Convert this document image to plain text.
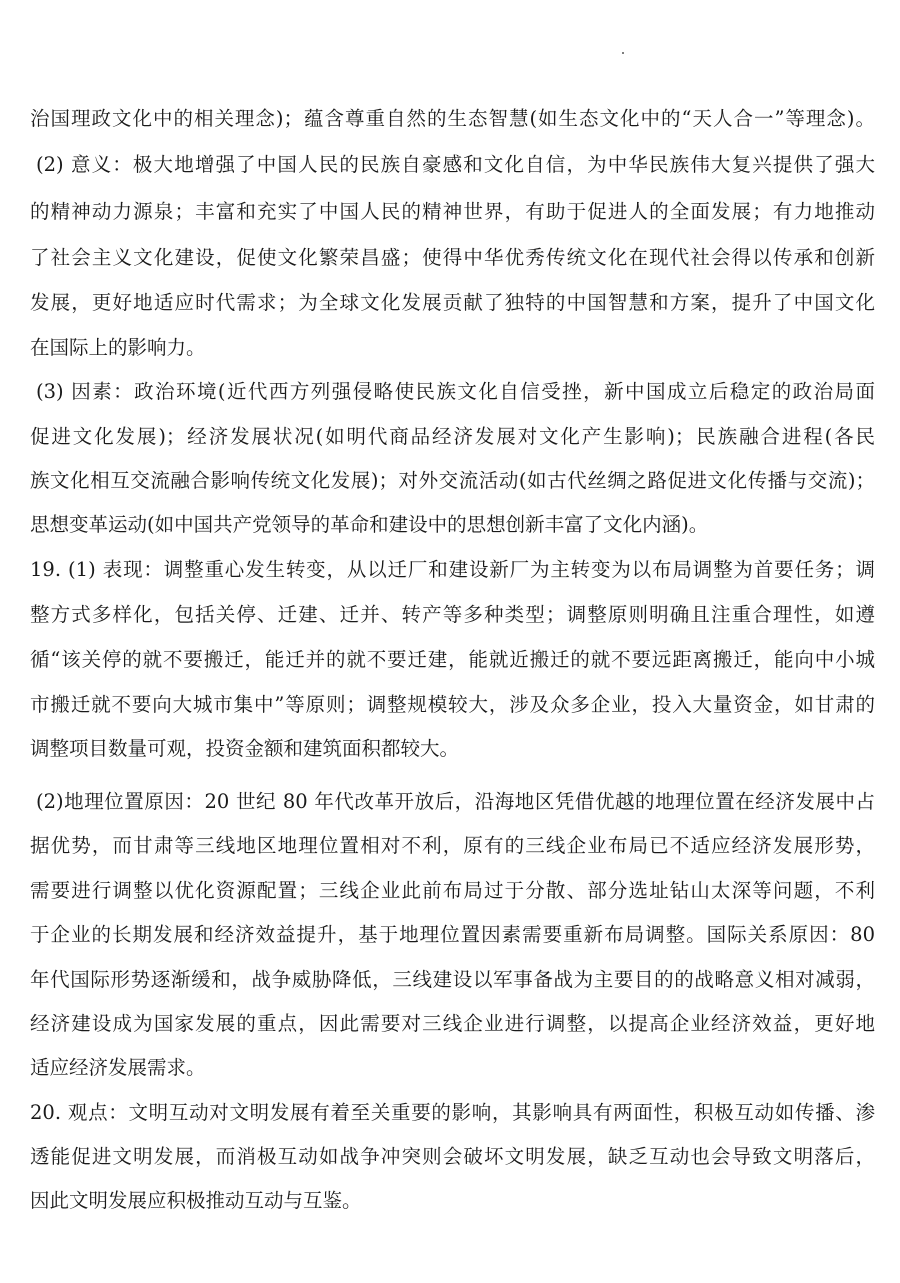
治国理政文化中的相关理念)；蕴含尊重自然的生态智慧(如生态文化中的“天人合一”等理念)。
(2) 意义：极大地增强了中国人民的民族自豪感和文化自信，为中华民族伟大复兴提供了强大
的精神动力源泉；丰富和充实了中国人民的精神世界，有助于促进人的全面发展；有力地推动
了社会主义文化建设，促使文化繁荣昌盛；使得中华优秀传统文化在现代社会得以传承和创新
发展，更好地适应时代需求；为全球文化发展贡献了独特的中国智慧和方案，提升了中国文化
在国际上的影响力。
(3) 因素：政治环境(近代西方列强侵略使民族文化自信受挫，新中国成立后稳定的政治局面
促进文化发展)；经济发展状况(如明代商品经济发展对文化产生影响)；民族融合进程(各民
族文化相互交流融合影响传统文化发展)；对外交流活动(如古代丝绸之路促进文化传播与交流)；
思想变革运动(如中国共产党领导的革命和建设中的思想创新丰富了文化内涵)。
19. (1) 表现：调整重心发生转变，从以迁厂和建设新厂为主转变为以布局调整为首要任务；调
整方式多样化，包括关停、迁建、迁并、转产等多种类型；调整原则明确且注重合理性，如遵
循“该关停的就不要搬迁，能迁并的就不要迁建，能就近搬迁的就不要远距离搬迁，能向中小城
市搬迁就不要向大城市集中”等原则；调整规模较大，涉及众多企业，投入大量资金，如甘肃的
调整项目数量可观，投资金额和建筑面积都较大。
(2)地理位置原因：20 世纪 80 年代改革开放后，沿海地区凭借优越的地理位置在经济发展中占
据优势，而甘肃等三线地区地理位置相对不利，原有的三线企业布局已不适应经济发展形势，
需要进行调整以优化资源配置；三线企业此前布局过于分散、部分选址钻山太深等问题，不利
于企业的长期发展和经济效益提升，基于地理位置因素需要重新布局调整。国际关系原因：80
年代国际形势逐渐缓和，战争威胁降低，三线建设以军事备战为主要目的的战略意义相对减弱，
经济建设成为国家发展的重点，因此需要对三线企业进行调整，以提高企业经济效益，更好地
适应经济发展需求。
20. 观点：文明互动对文明发展有着至关重要的影响，其影响具有两面性，积极互动如传播、渗
透能促进文明发展，而消极互动如战争冲突则会破坏文明发展，缺乏互动也会导致文明落后，
因此文明发展应积极推动互动与互鉴。
